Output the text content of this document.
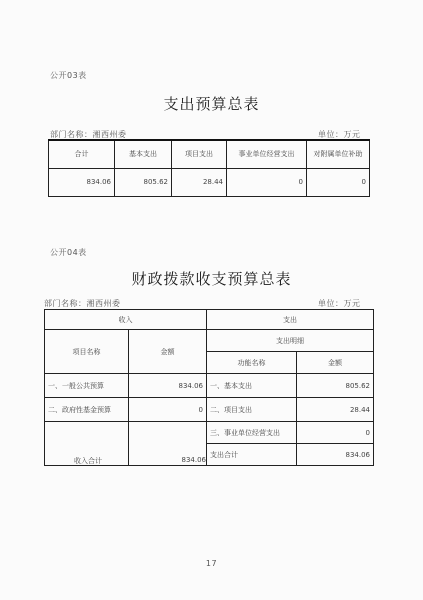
公开03表
支出预算总表
部门名称：湘西州委	单位：万元
合计	基本支出	项目支出	事业单位经营支出	对附属单位补助
834.06	805.62	28.44	0	0
公开04表
财政拨款收支预算总表
部门名称：湘西州委	单位：万元
收入		支出	
项目名称	金额	支出明细	
		功能名称	金额
一、一般公共预算	834.06	一、基本支出	805.62
二、政府性基金预算	0	二、项目支出	28.44
		三、事业单位经营支出	0
		支出合计	834.06
收入合计	834.06
17
